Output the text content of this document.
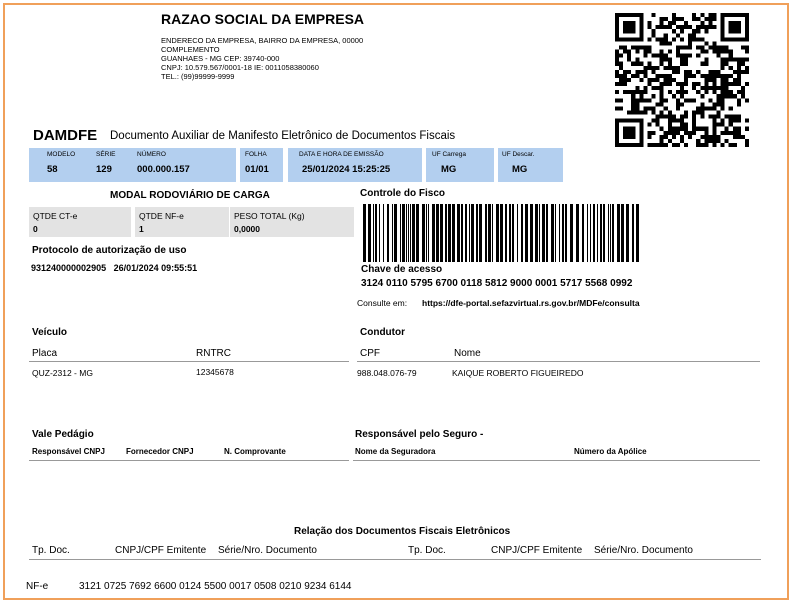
RAZAO SOCIAL DA EMPRESA
ENDERECO DA EMPRESA, BAIRRO DA EMPRESA, 00000
COMPLEMENTO
GUANHAES - MG CEP: 39740-000
CNPJ: 10.579.567/0001-18 IE: 0011058380060
TEL.: (99)99999-9999
DAMDFE Documento Auxiliar de Manifesto Eletrônico de Documentos Fiscais
MODELO
58
SÉRIE
129
NÚMERO
000.000.157
FOLHA
01/01
DATA E HORA DE EMISSÃO
25/01/2024 15:25:25
UF Carrega
MG
UF Descar.
MG
MODAL RODOVIÁRIO DE CARGA
QTDE CT-e
0
QTDE NF-e
1
PESO TOTAL (Kg)
0,0000
Protocolo de autorização de uso
931240000002905   26/01/2024 09:55:51
Controle do Fisco
Chave de acesso
3124 0110 5795 6700 0118 5812 9000 0001 5717 5568 0992
Consulte em: https://dfe-portal.sefazvirtual.rs.gov.br/MDFe/consulta
Veículo
Placa	RNTRC
QUZ-2312 - MG	12345678
Condutor
CPF	Nome
988.048.076-79	KAIQUE ROBERTO FIGUEIREDO
Vale Pedágio
Responsável CNPJ	Fornecedor CNPJ	N. Comprovante
Responsável pelo Seguro -
Nome da Seguradora	Número da Apólice
Relação dos Documentos Fiscais Eletrônicos
Tp. Doc.	CNPJ/CPF Emitente Série/Nro. Documento	Tp. Doc.	CNPJ/CPF Emitente Série/Nro. Documento
NF-e	3121 0725 7692 6600 0124 5500 0017 0508 0210 9234 6144
